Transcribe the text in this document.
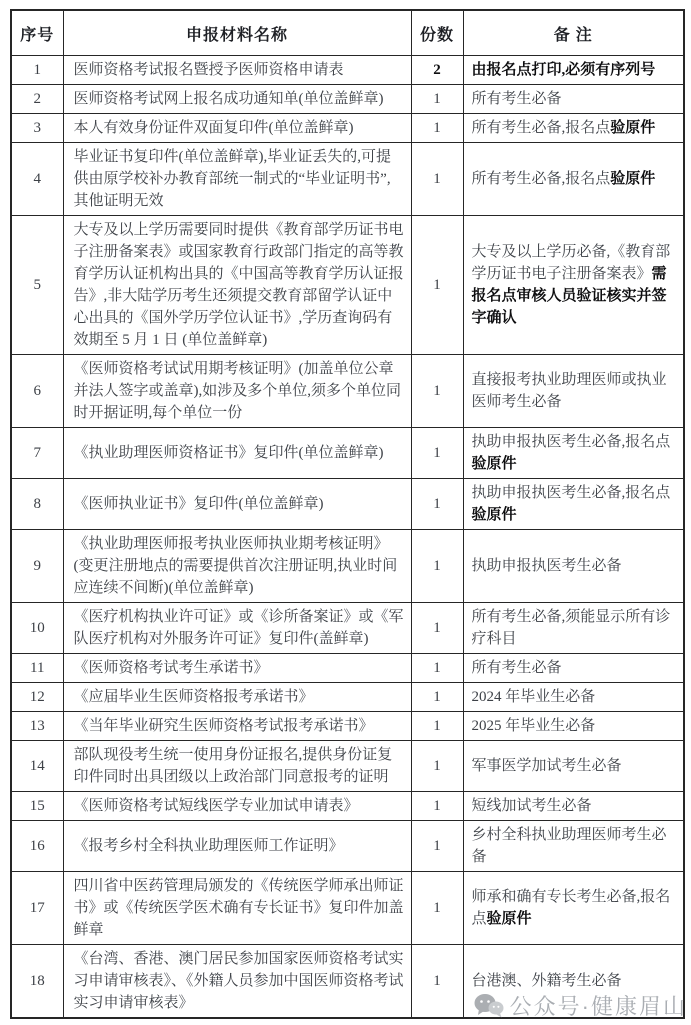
序号	申报材料名称	份数	备 注
1	医师资格考试报名暨授予医师资格申请表	2	由报名点打印,必须有序列号
2	医师资格考试网上报名成功通知单(单位盖鲜章)	1	所有考生必备
3	本人有效身份证件双面复印件(单位盖鲜章)	1	所有考生必备,报名点验原件
4	毕业证书复印件(单位盖鲜章),毕业证丢失的,可提供由原学校补办教育部统一制式的“毕业证明书”,其他证明无效	1	所有考生必备,报名点验原件
5	大专及以上学历需要同时提供《教育部学历证书电子注册备案表》或国家教育行政部门指定的高等教育学历认证机构出具的《中国高等教育学历认证报告》,非大陆学历考生还须提交教育部留学认证中心出具的《国外学历学位认证书》,学历查询码有效期至 5 月 1 日 (单位盖鲜章)	1	大专及以上学历必备,《教育部学历证书电子注册备案表》需报名点审核人员验证核实并签字确认
6	《医师资格考试试用期考核证明》(加盖单位公章并法人签字或盖章),如涉及多个单位,须多个单位同时开据证明,每个单位一份	1	直接报考执业助理医师或执业医师考生必备
7	《执业助理医师资格证书》复印件(单位盖鲜章)	1	执助申报执医考生必备,报名点验原件
8	《医师执业证书》复印件(单位盖鲜章)	1	执助申报执医考生必备,报名点验原件
9	《执业助理医师报考执业医师执业期考核证明》(变更注册地点的需要提供首次注册证明,执业时间应连续不间断)(单位盖鲜章)	1	执助申报执医考生必备
10	《医疗机构执业许可证》或《诊所备案证》或《军队医疗机构对外服务许可证》复印件(盖鲜章)	1	所有考生必备,须能显示所有诊疗科目
11	《医师资格考试考生承诺书》	1	所有考生必备
12	《应届毕业生医师资格报考承诺书》	1	2024 年毕业生必备
13	《当年毕业研究生医师资格考试报考承诺书》	1	2025 年毕业生必备
14	部队现役考生统一使用身份证报名,提供身份证复印件同时出具团级以上政治部门同意报考的证明	1	军事医学加试考生必备
15	《医师资格考试短线医学专业加试申请表》	1	短线加试考生必备
16	《报考乡村全科执业助理医师工作证明》	1	乡村全科执业助理医师考生必备
17	四川省中医药管理局颁发的《传统医学师承出师证书》或《传统医学医术确有专长证书》复印件加盖鲜章	1	师承和确有专长考生必备,报名点验原件
18	《台湾、香港、澳门居民参加国家医师资格考试实习申请审核表》、《外籍人员参加中国医师资格考试实习申请审核表》	1	台港澳、外籍考生必备
公众号·健康眉山
